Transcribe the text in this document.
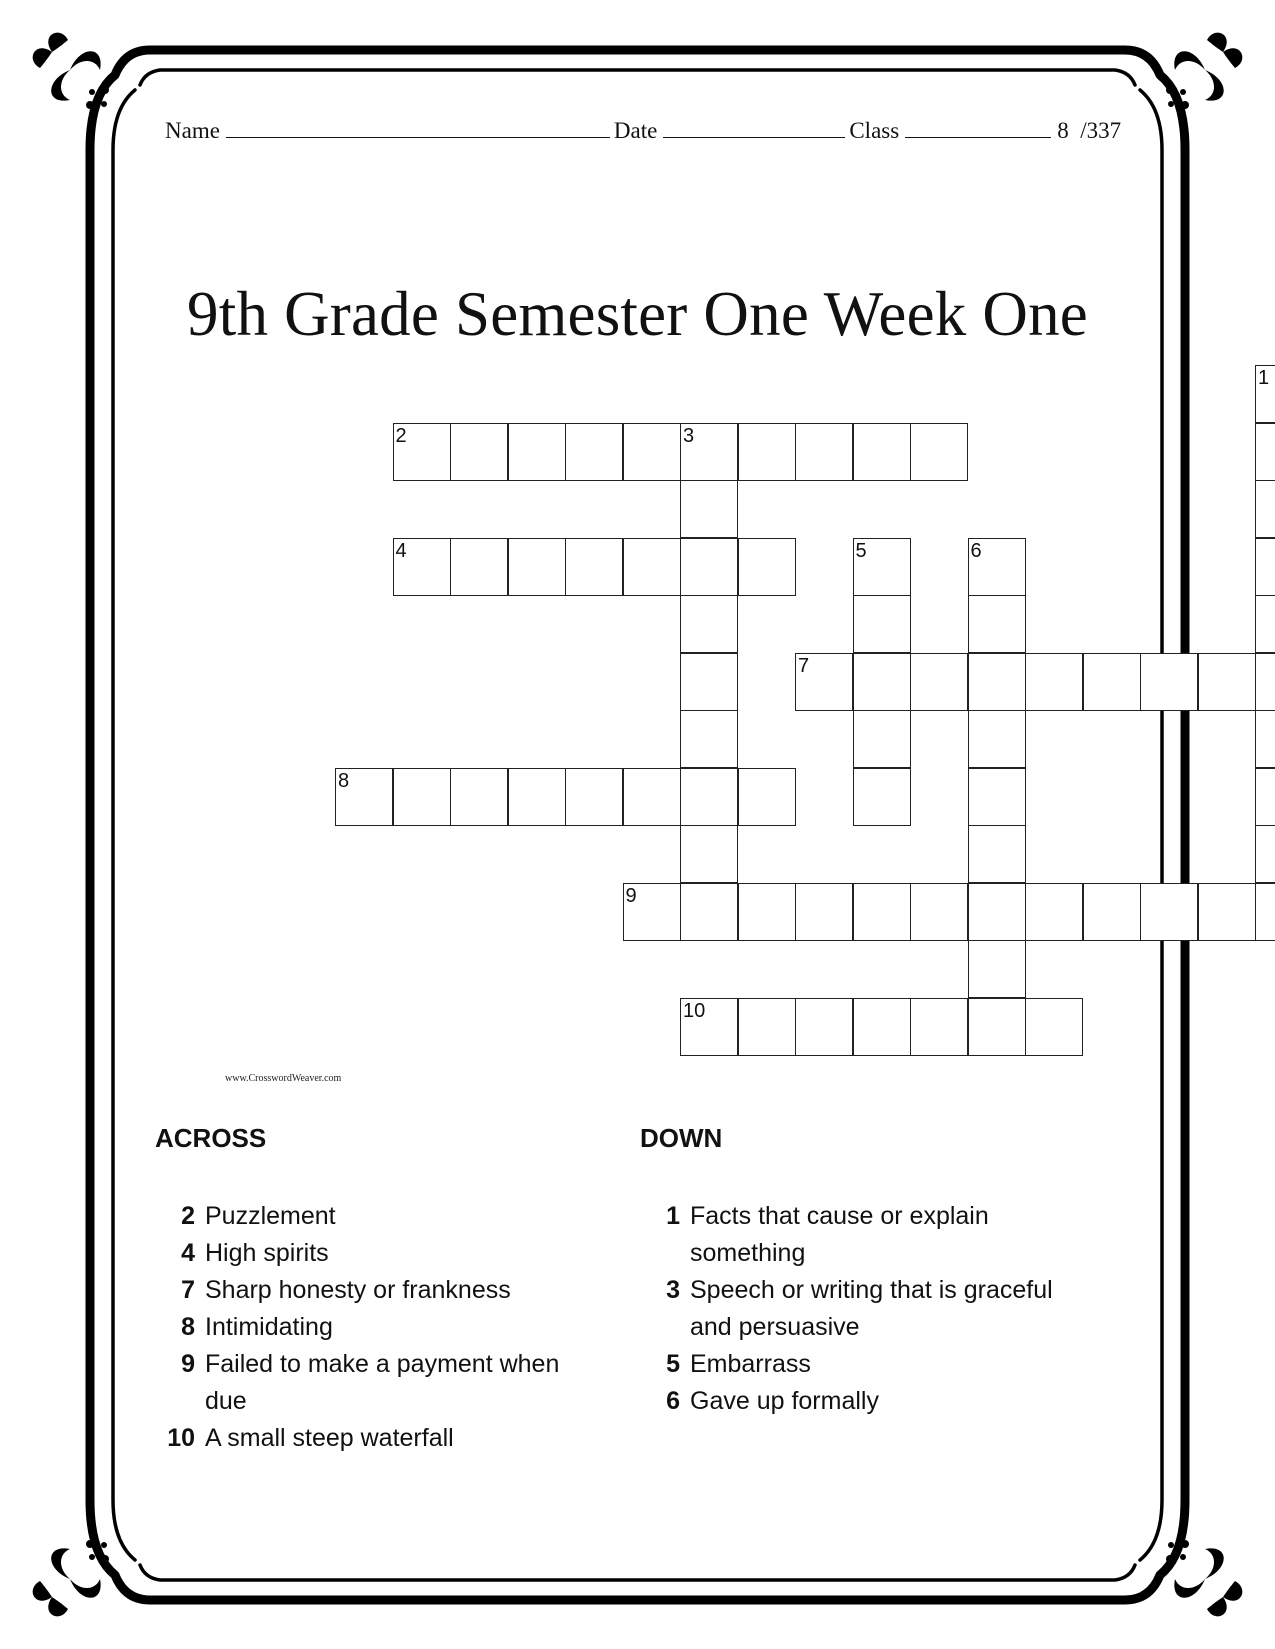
Name	Date	Class	8  /337
9th Grade Semester One Week One
1
2	3
4	5	6
7
8
9
10
www.CrosswordWeaver.com
ACROSS
2 Puzzlement
4 High spirits
7 Sharp honesty or frankness
8 Intimidating
9 Failed to make a payment when due
10 A small steep waterfall
DOWN
1 Facts that cause or explain something
3 Speech or writing that is graceful and persuasive
5 Embarrass
6 Gave up formally
